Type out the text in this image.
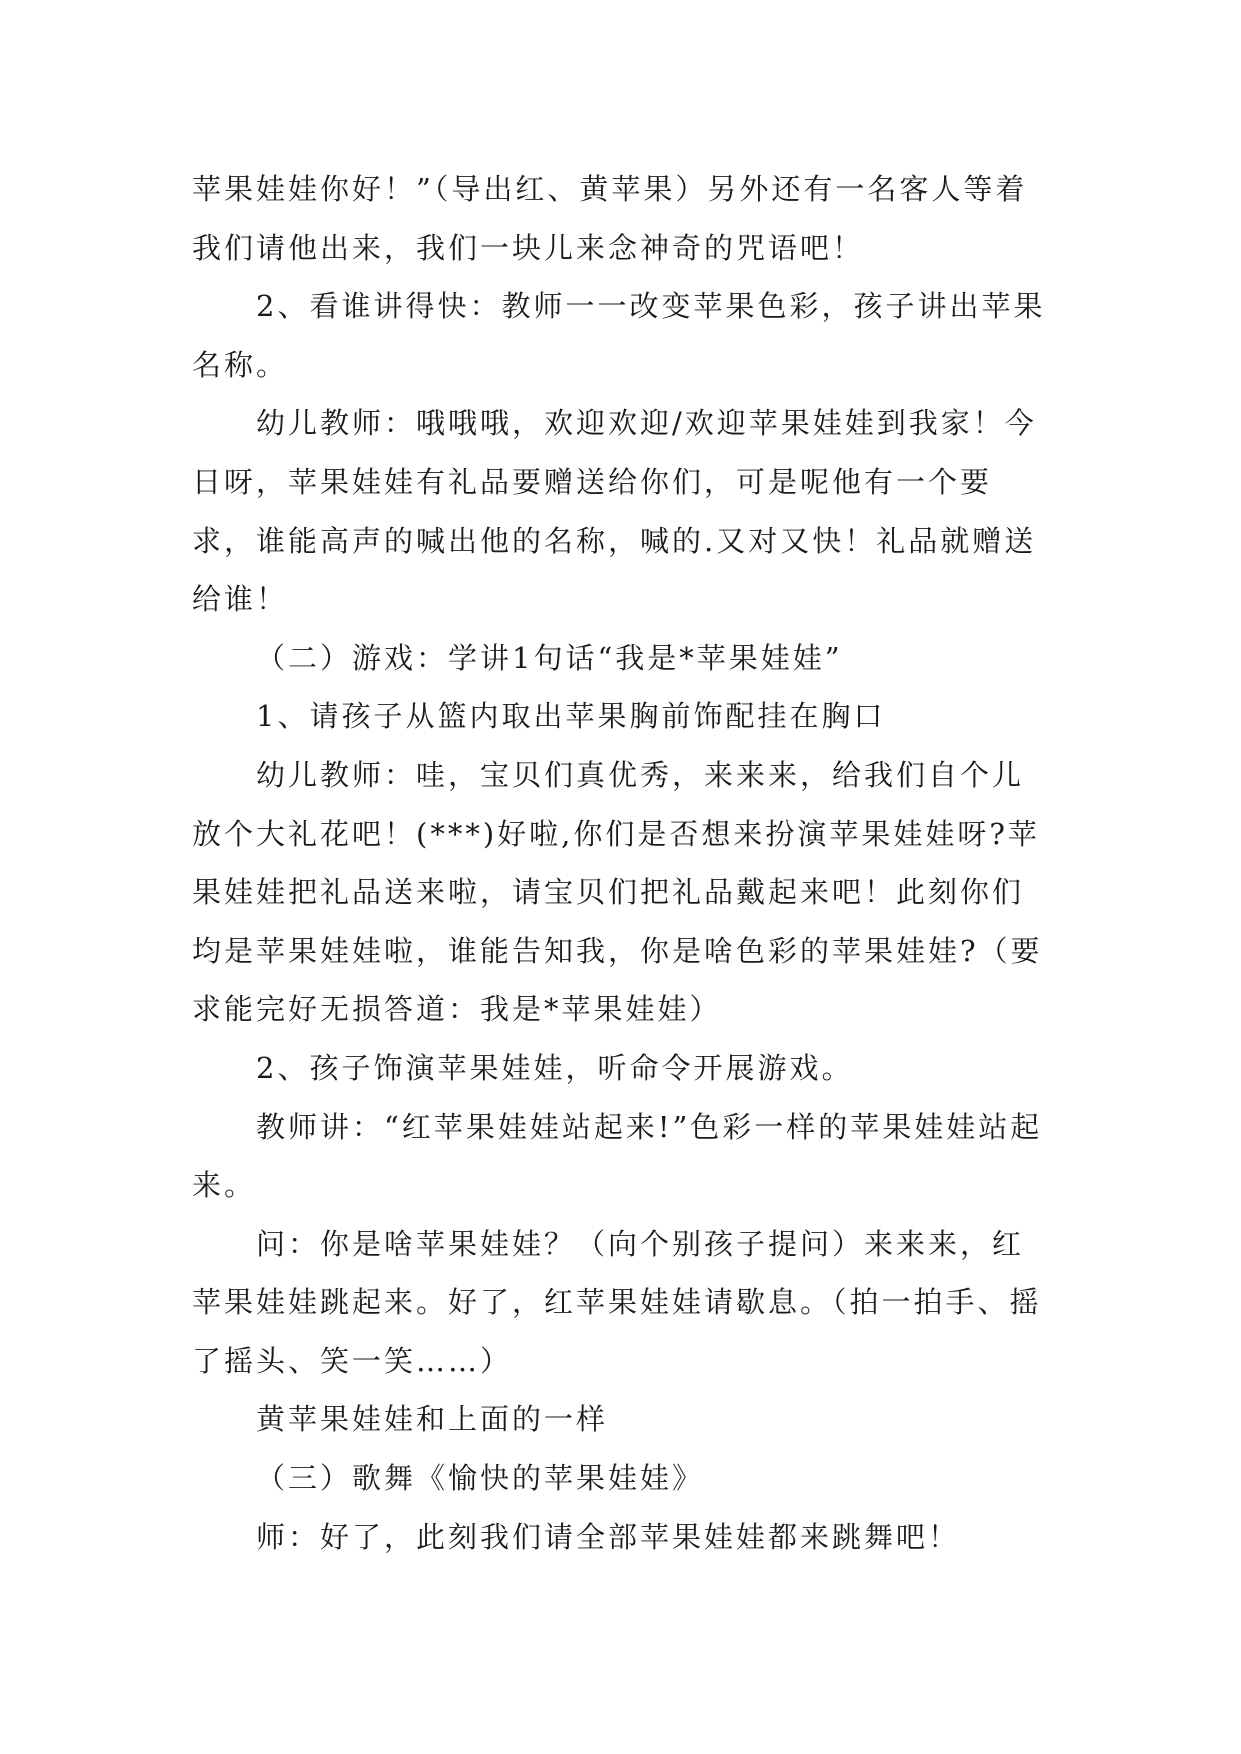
苹果娃娃你好！”（导出红、黄苹果）另外还有一名客人等着我们请他出来，我们一块儿来念神奇的咒语吧！

2、看谁讲得快：教师一一改变苹果色彩，孩子讲出苹果名称。

幼儿教师：哦哦哦，欢迎欢迎/欢迎苹果娃娃到我家！今日呀，苹果娃娃有礼品要赠送给你们，可是呢他有一个要求，谁能高声的喊出他的名称，喊的.又对又快！礼品就赠送给谁！

（二）游戏：学讲1句话“我是*苹果娃娃”

1、请孩子从篮内取出苹果胸前饰配挂在胸口

幼儿教师：哇，宝贝们真优秀，来来来，给我们自个儿放个大礼花吧！(***)好啦,你们是否想来扮演苹果娃娃呀?苹果娃娃把礼品送来啦，请宝贝们把礼品戴起来吧！此刻你们均是苹果娃娃啦，谁能告知我，你是啥色彩的苹果娃娃?（要求能完好无损答道：我是*苹果娃娃）

2、孩子饰演苹果娃娃，听命令开展游戏。

教师讲：“红苹果娃娃站起来!”色彩一样的苹果娃娃站起来。

问：你是啥苹果娃娃？（向个别孩子提问）来来来，红苹果娃娃跳起来。好了，红苹果娃娃请歇息。（拍一拍手、摇了摇头、笑一笑……）

黄苹果娃娃和上面的一样

（三）歌舞《愉快的苹果娃娃》

师：好了，此刻我们请全部苹果娃娃都来跳舞吧！
